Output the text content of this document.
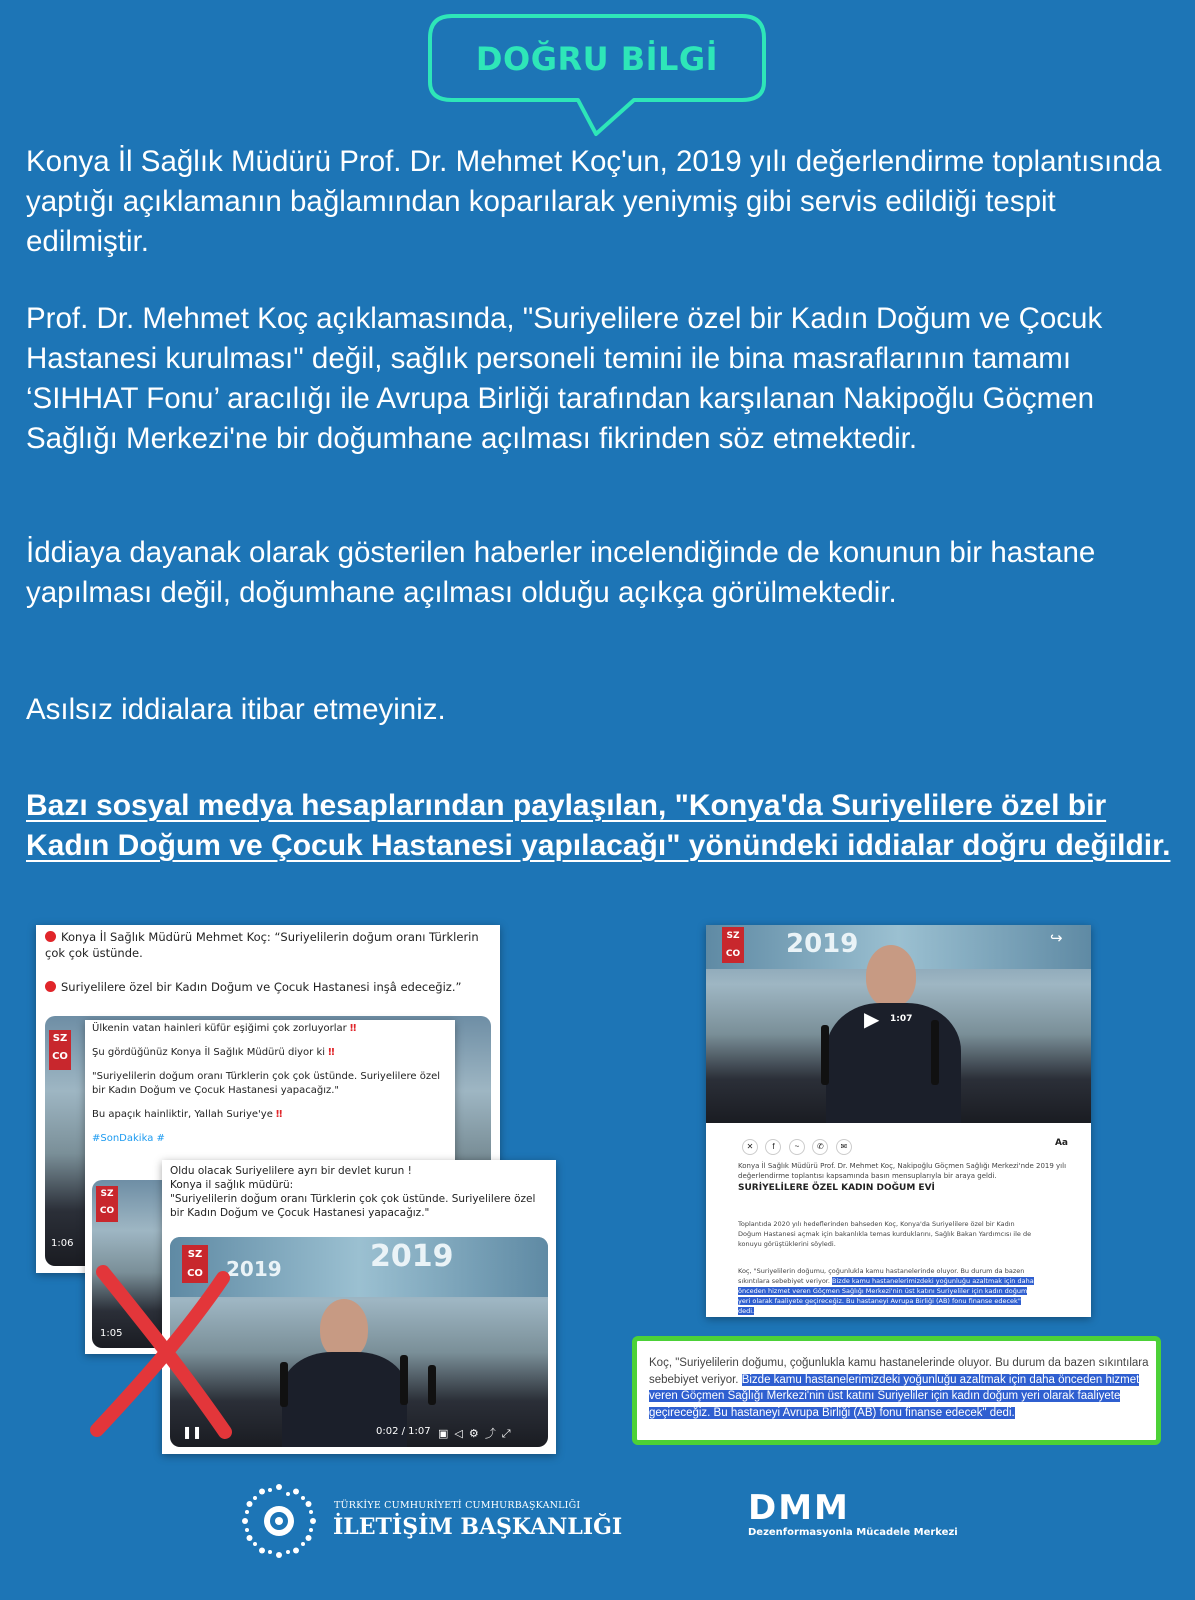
DOĞRU BİLGİ

Konya İl Sağlık Müdürü Prof. Dr. Mehmet Koç'un, 2019 yılı değerlendirme toplantısında yaptığı açıklamanın bağlamından koparılarak yeniymiş gibi servis edildiği tespit edilmiştir.

Prof. Dr. Mehmet Koç açıklamasında, "Suriyelilere özel bir Kadın Doğum ve Çocuk Hastanesi kurulması" değil, sağlık personeli temini ile bina masraflarının tamamı ‘SIHHAT Fonu’ aracılığı ile Avrupa Birliği tarafından karşılanan Nakipoğlu Göçmen Sağlığı Merkezi'ne bir doğumhane açılması fikrinden söz etmektedir.

İddiaya dayanak olarak gösterilen haberler incelendiğinde de konunun bir hastane yapılması değil, doğumhane açılması olduğu açıkça görülmektedir.

Asılsız iddialara itibar etmeyiniz.

Bazı sosyal medya hesaplarından paylaşılan, "Konya'da Suriyelilere özel bir Kadın Doğum ve Çocuk Hastanesi yapılacağı" yönündeki iddialar doğru değildir.

Konya İl Sağlık Müdürü Mehmet Koç: “Suriyelilerin doğum oranı Türklerin çok çok üstünde.
Suriyelilere özel bir Kadın Doğum ve Çocuk Hastanesi inşâ edeceğiz.”
SZ
CO
1:06
Ülkenin vatan hainleri küfür eşiğimi çok zorluyorlar ‼
Şu gördüğünüz Konya İl Sağlık Müdürü diyor ki ‼
"Suriyelilerin doğum oranı Türklerin çok çok üstünde. Suriyelilere özel bir Kadın Doğum ve Çocuk Hastanesi yapacağız."
Bu apaçık hainliktir, Yallah Suriye'ye ‼
#SonDakika #
SZ
CO
1:05
Oldu olacak Suriyelilere ayrı bir devlet kurun !
Konya il sağlık müdürü:
"Suriyelilerin doğum oranı Türklerin çok çok üstünde. Suriyelilere özel bir Kadın Doğum ve Çocuk Hastanesi yapacağız."
SZ
CO 2019	2019
❚❚	0:02 / 1:07 ▣◁⚙⤴⤢
SZ
CO 2019
▶ 1:07
↪
✕ f	~ ✆ ✉	Aa
Konya İl Sağlık Müdürü Prof. Dr. Mehmet Koç, Nakipoğlu Göçmen Sağlığı Merkezi'nde 2019 yılı değerlendirme toplantısı kapsamında basın mensuplarıyla bir araya geldi.
SURİYELİLERE ÖZEL KADIN DOĞUM EVİ
Toplantıda 2020 yılı hedeflerinden bahseden Koç, Konya'da Suriyelilere özel bir Kadın Doğum Hastanesi açmak için bakanlıkla temas kurduklarını, Sağlık Bakan Yardımcısı ile de konuyu görüştüklerini söyledi.
Koç, "Suriyelilerin doğumu, çoğunlukla kamu hastanelerinde oluyor. Bu durum da bazen sıkıntılara sebebiyet veriyor. Bizde kamu hastanelerimizdeki yoğunluğu azaltmak için daha önceden hizmet veren Göçmen Sağlığı Merkezi'nin üst katını Suriyeliler için kadın doğum yeri olarak faaliyete geçireceğiz. Bu hastaneyi Avrupa Birliği (AB) fonu finanse edecek" dedi.
Koç, "Suriyelilerin doğumu, çoğunlukla kamu hastanelerinde oluyor. Bu durum da bazen sıkıntılara sebebiyet veriyor. Bizde kamu hastanelerimizdeki yoğunluğu azaltmak için daha önceden hizmet veren Göçmen Sağlığı Merkezi'nin üst katını Suriyeliler için kadın doğum yeri olarak faaliyete geçireceğiz. Bu hastaneyi Avrupa Birliği (AB) fonu finanse edecek" dedi.
TÜRKİYE CUMHURİYETİ CUMHURBAŞKANLIĞI
İLETİŞİM BAŞKANLIĞI	DMM
Dezenformasyonla Mücadele Merkezi
